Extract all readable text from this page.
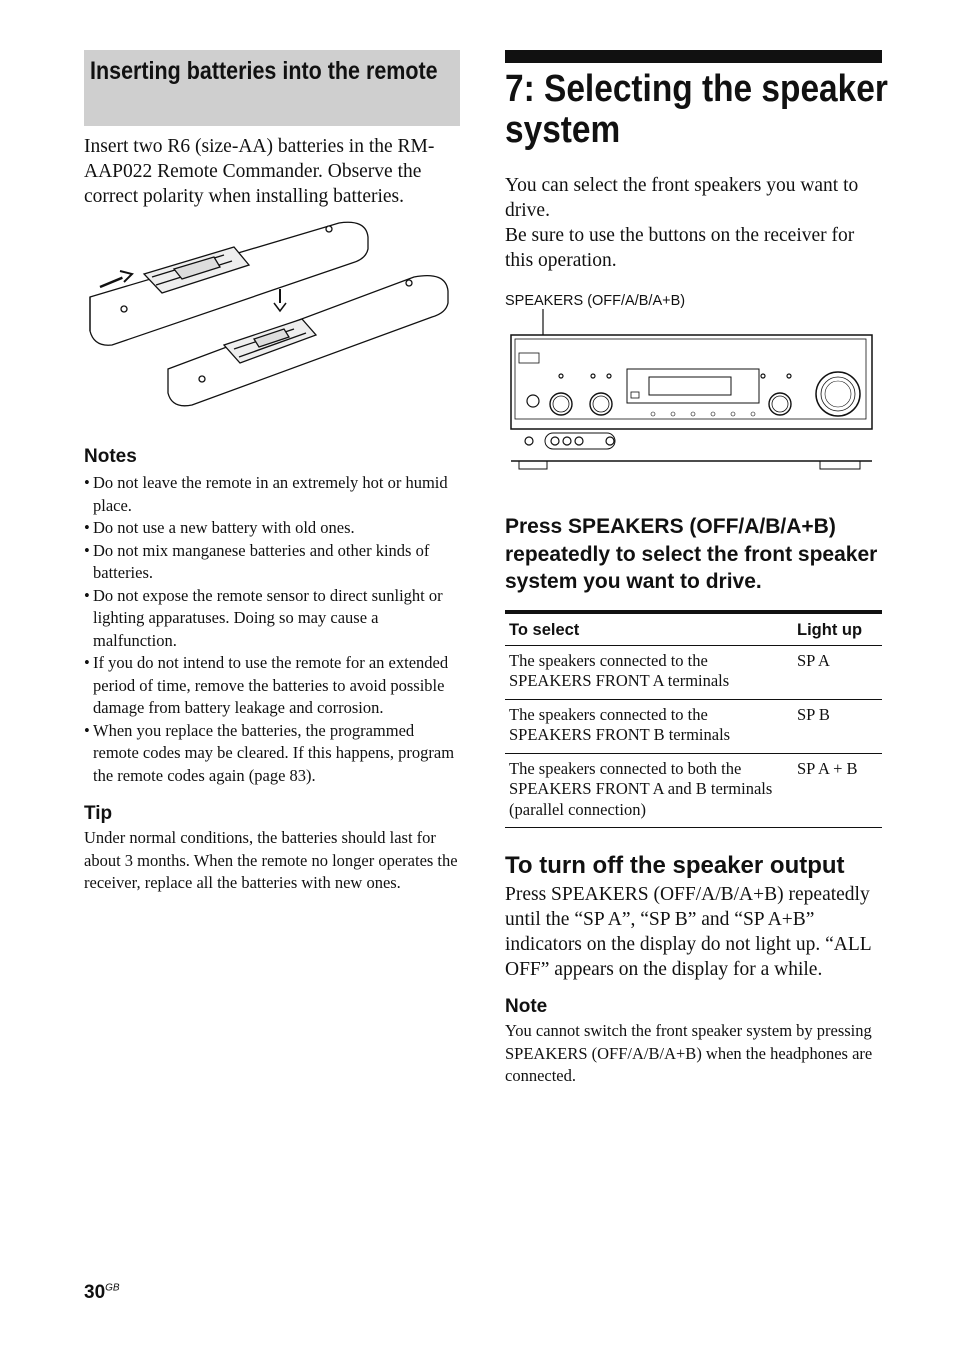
Inserting batteries into the remote
Insert two R6 (size-AA) batteries in the RM-AAP022 Remote Commander. Observe the correct polarity when installing batteries.
Notes
• Do not leave the remote in an extremely hot or humid place.
• Do not use a new battery with old ones.
• Do not mix manganese batteries and other kinds of batteries.
• Do not expose the remote sensor to direct sunlight or lighting apparatuses. Doing so may cause a malfunction.
• If you do not intend to use the remote for an extended period of time, remove the batteries to avoid possible damage from battery leakage and corrosion.
• When you replace the batteries, the programmed remote codes may be cleared. If this happens, program the remote codes again (page 83).
Tip
Under normal conditions, the batteries should last for about 3 months. When the remote no longer operates the receiver, replace all the batteries with new ones.
7: Selecting the speaker system
You can select the front speakers you want to drive.
Be sure to use the buttons on the receiver for this operation.
SPEAKERS (OFF/A/B/A+B)
Press SPEAKERS (OFF/A/B/A+B) repeatedly to select the front speaker system you want to drive.
To select	Light up
The speakers connected to the SPEAKERS FRONT A terminals	SP A
The speakers connected to the SPEAKERS FRONT B terminals	SP B
The speakers connected to both the SPEAKERS FRONT A and B terminals (parallel connection)	SP A + B
To turn off the speaker output
Press SPEAKERS (OFF/A/B/A+B) repeatedly until the “SP A”, “SP B” and “SP A+B” indicators on the display do not light up. “ALL OFF” appears on the display for a while.
Note
You cannot switch the front speaker system by pressing SPEAKERS (OFF/A/B/A+B) when the headphones are connected.
$30^{GB}$
